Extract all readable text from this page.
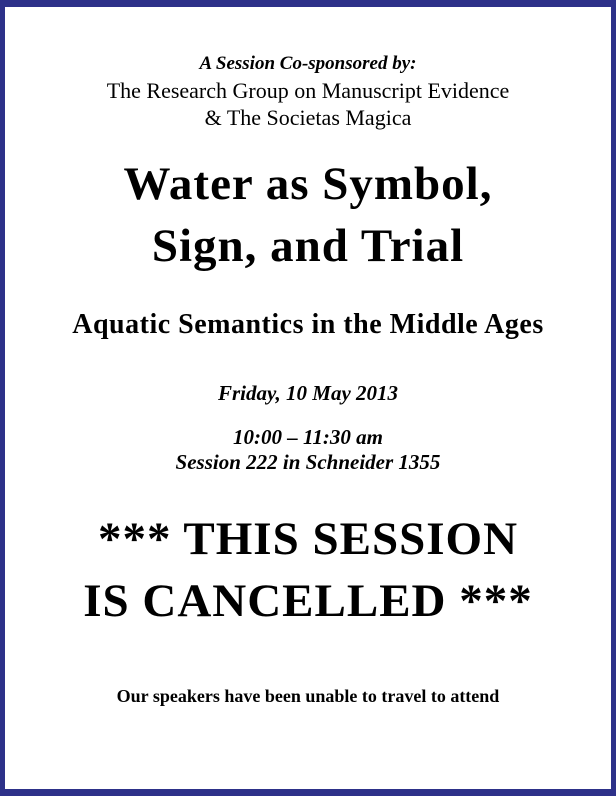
A Session Co-sponsored by:
The Research Group on Manuscript Evidence
& The Societas Magica
Water as Symbol,
Sign, and Trial
Aquatic Semantics in the Middle Ages
Friday, 10 May 2013
10:00 – 11:30 am
Session 222 in Schneider 1355
*** THIS SESSION
IS CANCELLED ***
Our speakers have been unable to travel to attend
